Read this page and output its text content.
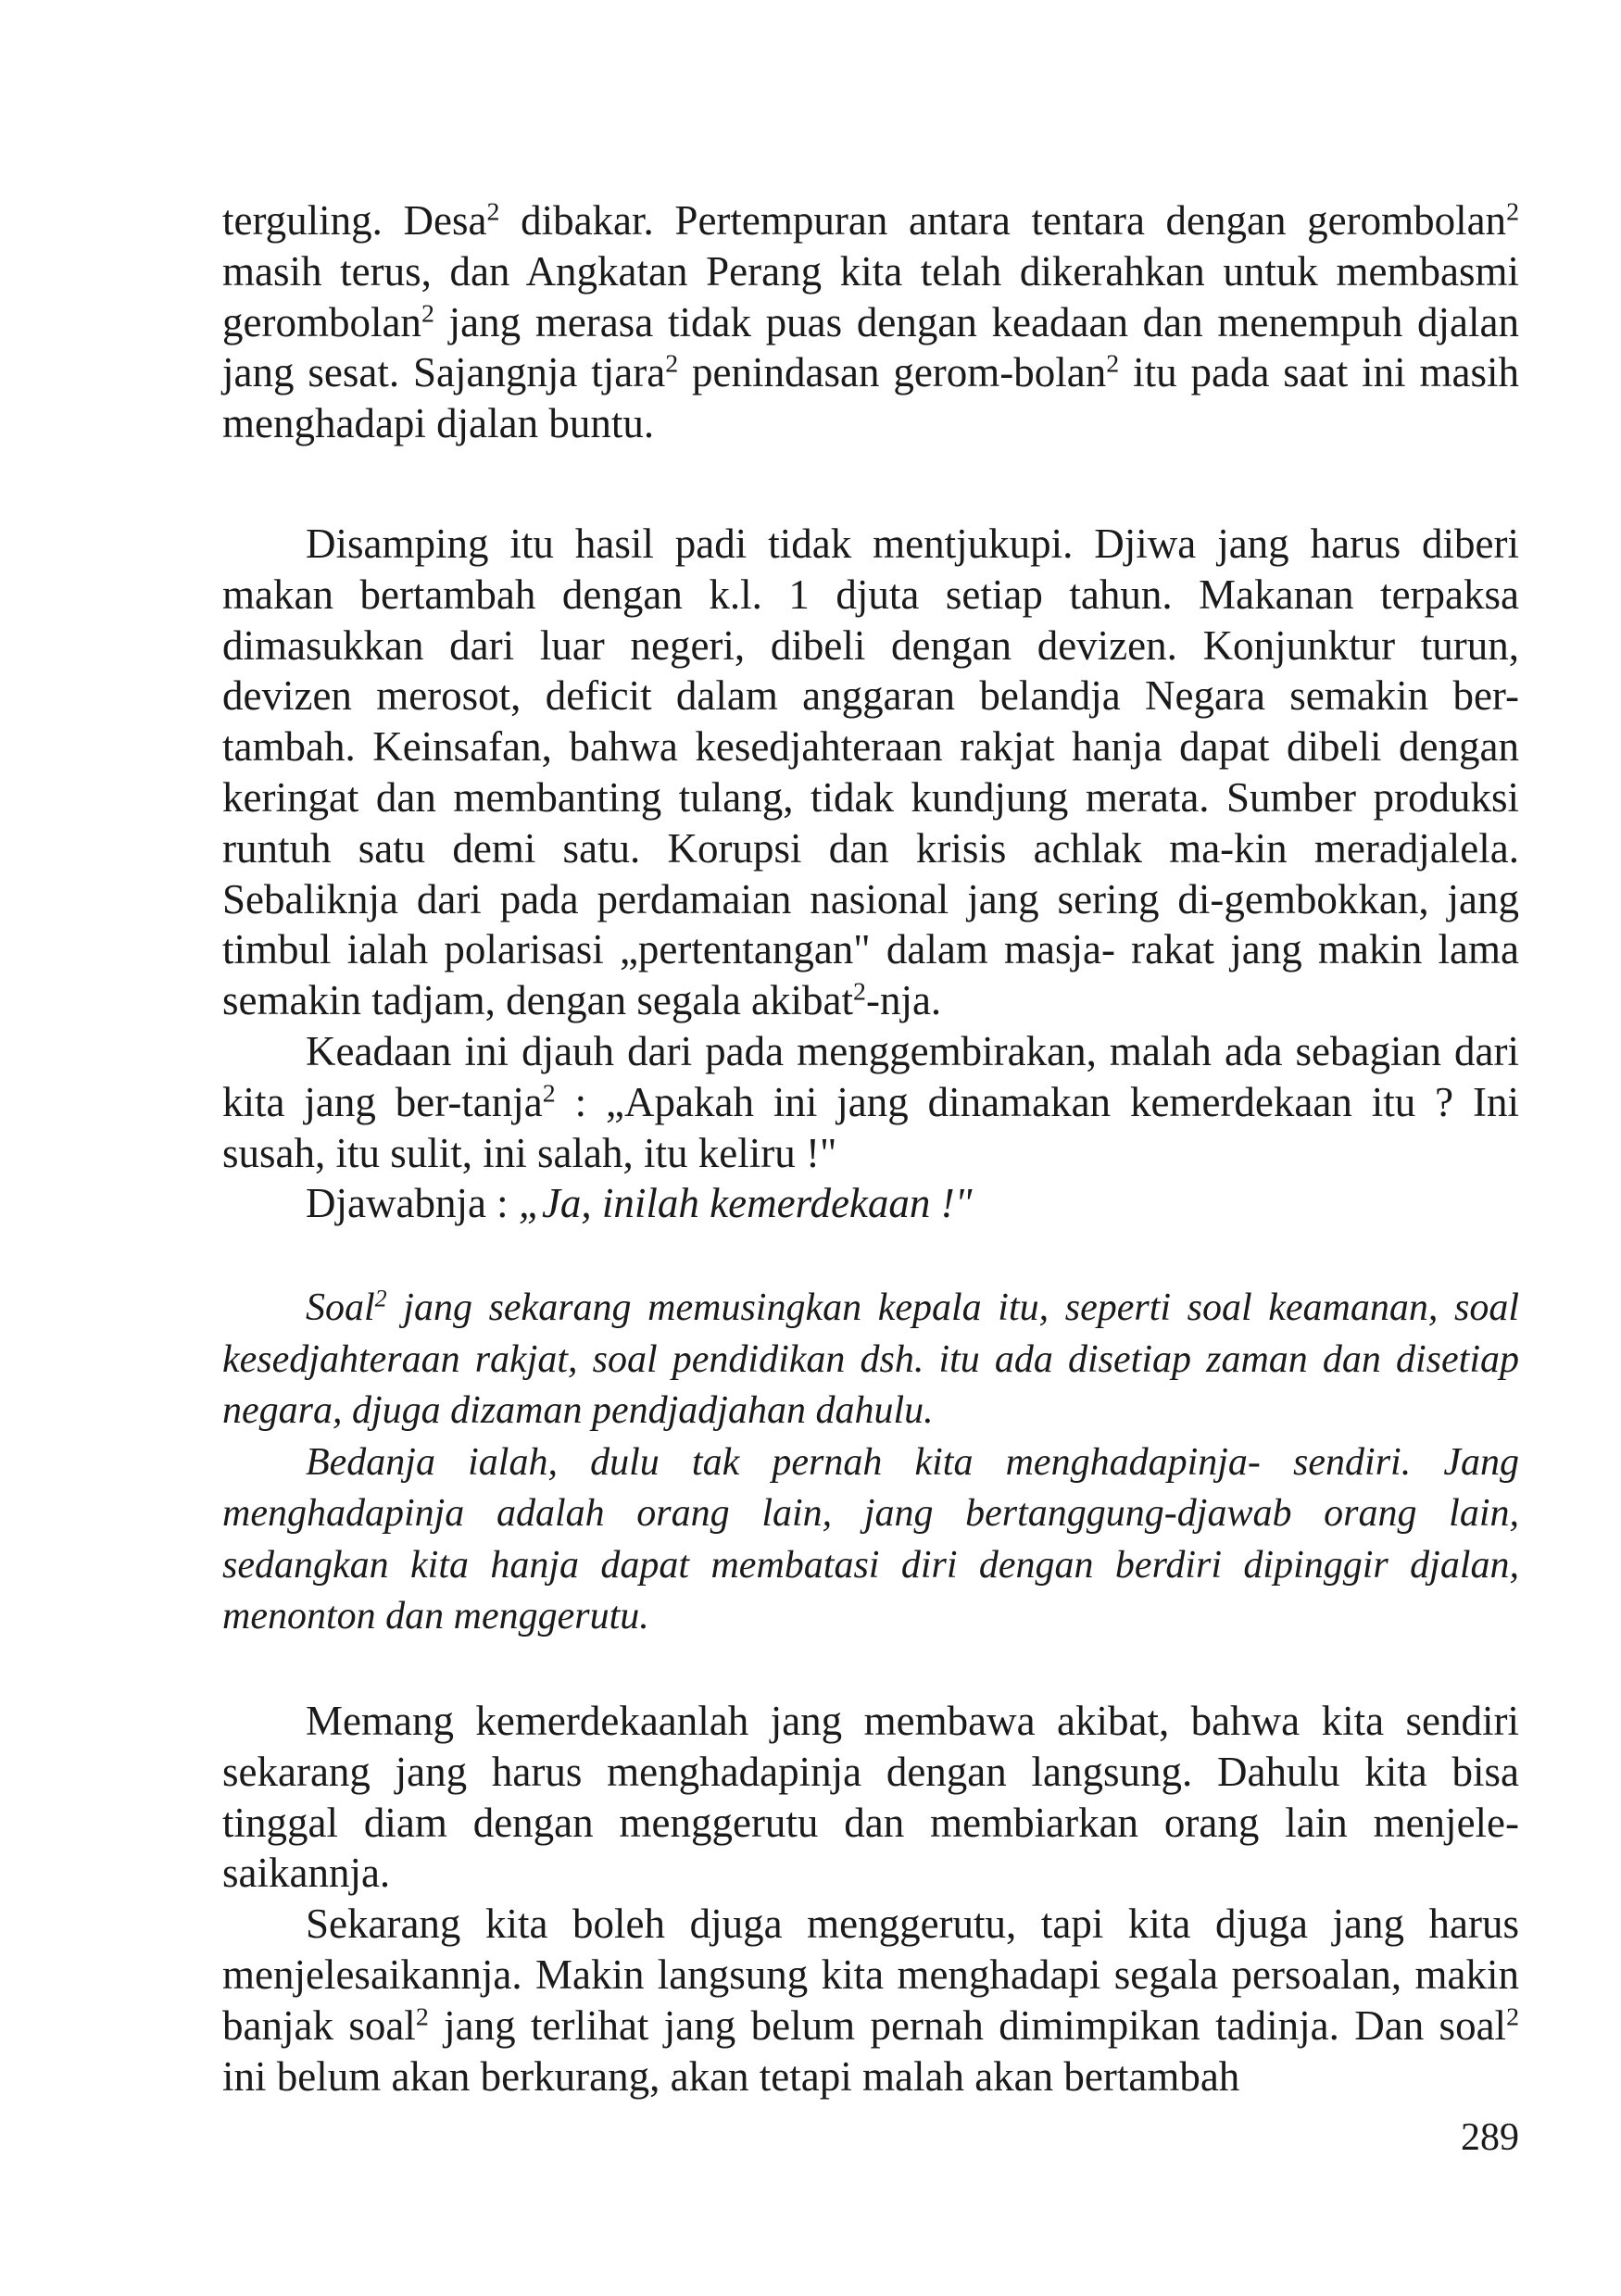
terguling. Desa$^2$ dibakar. Pertempuran antara tentara dengan gerombolan$^2$ masih terus, dan Angkatan Perang kita telah dikerahkan untuk membasmi gerombolan$^2$ jang merasa tidak puas dengan keadaan dan menempuh djalan jang sesat. Sajangnja tjara$^2$ penindasan gerom-bolan$^2$ itu pada saat ini masih menghadapi djalan buntu.

Disamping itu hasil padi tidak mentjukupi. Djiwa jang harus diberi makan bertambah dengan k.l. 1 djuta setiap tahun. Makanan terpaksa dimasukkan dari luar negeri, dibeli dengan devizen. Konjunktur turun, devizen merosot, deficit dalam anggaran belandja Negara semakin ber-tambah. Keinsafan, bahwa kesedjahteraan rakjat hanja dapat dibeli dengan keringat dan membanting tulang, tidak kundjung merata. Sumber produksi runtuh satu demi satu. Korupsi dan krisis achlak ma-kin meradjalela. Sebaliknja dari pada perdamaian nasional jang sering di-gembokkan, jang timbul ialah polarisasi „pertentangan" dalam masja- rakat jang makin lama semakin tadjam, dengan segala akibat$^2$-nja.

Keadaan ini djauh dari pada menggembirakan, malah ada sebagian dari kita jang ber-tanja$^2$ : „Apakah ini jang dinamakan kemerdekaan itu ? Ini susah, itu sulit, ini salah, itu keliru !"

Djawabnja : „Ja, inilah kemerdekaan !"

Soal$^2$ jang sekarang memusingkan kepala itu, seperti soal keamanan, soal kesedjahteraan rakjat, soal pendidikan dsh. itu ada disetiap zaman dan disetiap negara, djuga dizaman pendjadjahan dahulu.

Bedanja ialah, dulu tak pernah kita menghadapinja- sendiri. Jang menghadapinja adalah orang lain, jang bertanggung-djawab orang lain, sedangkan kita hanja dapat membatasi diri dengan berdiri dipinggir djalan, menonton dan menggerutu.

Memang kemerdekaanlah jang membawa akibat, bahwa kita sendiri sekarang jang harus menghadapinja dengan langsung. Dahulu kita bisa tinggal diam dengan menggerutu dan membiarkan orang lain menjele-saikannja.

Sekarang kita boleh djuga menggerutu, tapi kita djuga jang harus menjelesaikannja. Makin langsung kita menghadapi segala persoalan, makin banjak soal$^2$ jang terlihat jang belum pernah dimimpikan tadinja. Dan soal$^2$ ini belum akan berkurang, akan tetapi malah akan bertambah

289
